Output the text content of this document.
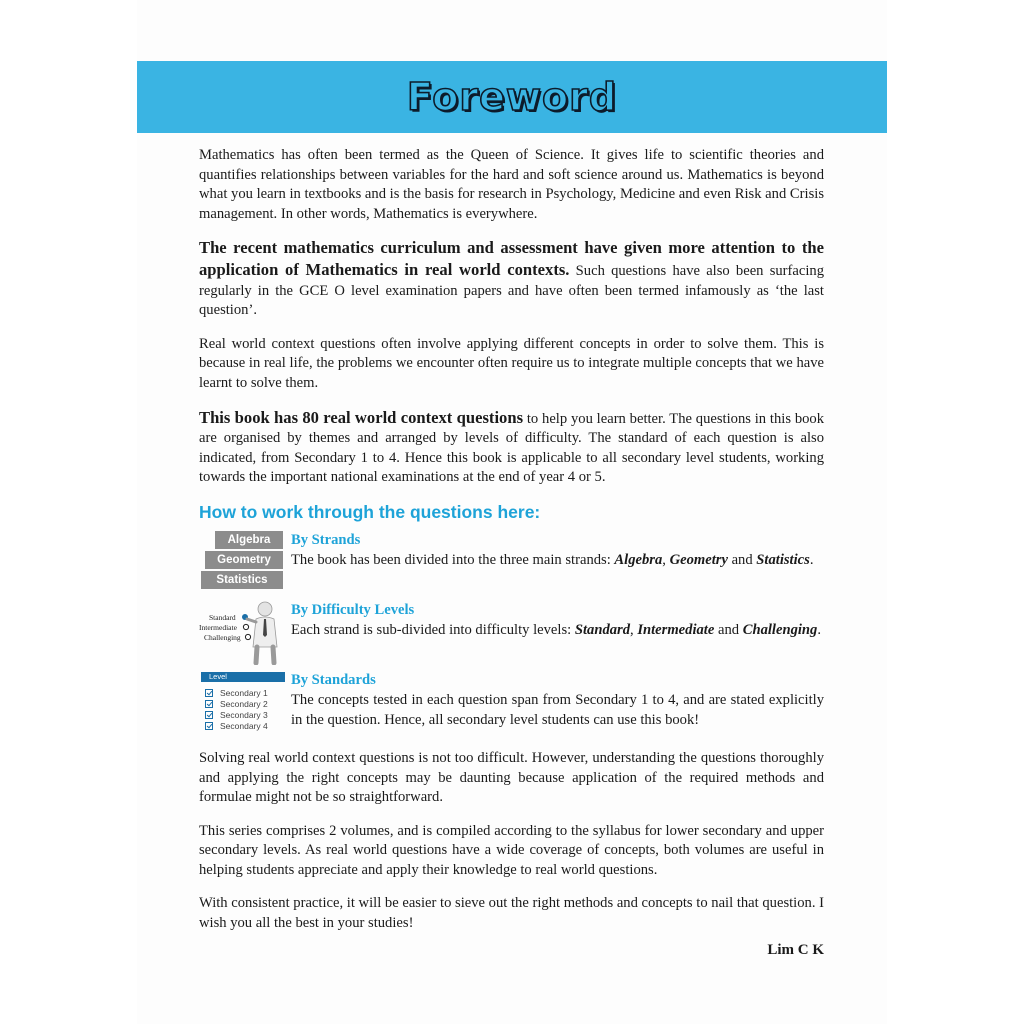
Foreword

Mathematics has often been termed as the Queen of Science. It gives life to scientific theories and quantifies relationships between variables for the hard and soft science around us. Mathematics is beyond what you learn in textbooks and is the basis for research in Psychology, Medicine and even Risk and Crisis management. In other words, Mathematics is everywhere.

The recent mathematics curriculum and assessment have given more attention to the application of Mathematics in real world contexts. Such questions have also been surfacing regularly in the GCE O level examination papers and have often been termed infamously as ‘the last question’.

Real world context questions often involve applying different concepts in order to solve them. This is because in real life, the problems we encounter often require us to integrate multiple concepts that we have learnt to solve them.

This book has 80 real world context questions to help you learn better. The questions in this book are organised by themes and arranged by levels of difficulty. The standard of each question is also indicated, from Secondary 1 to 4. Hence this book is applicable to all secondary level students, working towards the important national examinations at the end of year 4 or 5.

How to work through the questions here:
Algebra
Geometry
Statistics
By Strands
The book has been divided into the three main strands: Algebra, Geometry and Statistics.
Standard
Intermediate
Challenging
By Difficulty Levels
Each strand is sub-divided into difficulty levels: Standard, Intermediate and Challenging.
Level
Secondary 1
Secondary 2
Secondary 3
Secondary 4
By Standards
The concepts tested in each question span from Secondary 1 to 4, and are stated explicitly in the question. Hence, all secondary level students can use this book!

Solving real world context questions is not too difficult. However, understanding the questions thoroughly and applying the right concepts may be daunting because application of the required methods and formulae might not be so straightforward.

This series comprises 2 volumes, and is compiled according to the syllabus for lower secondary and upper secondary levels. As real world questions have a wide coverage of concepts, both volumes are useful in helping students appreciate and apply their knowledge to real world questions.

With consistent practice, it will be easier to sieve out the right methods and concepts to nail that question. I wish you all the best in your studies!

Lim C K
